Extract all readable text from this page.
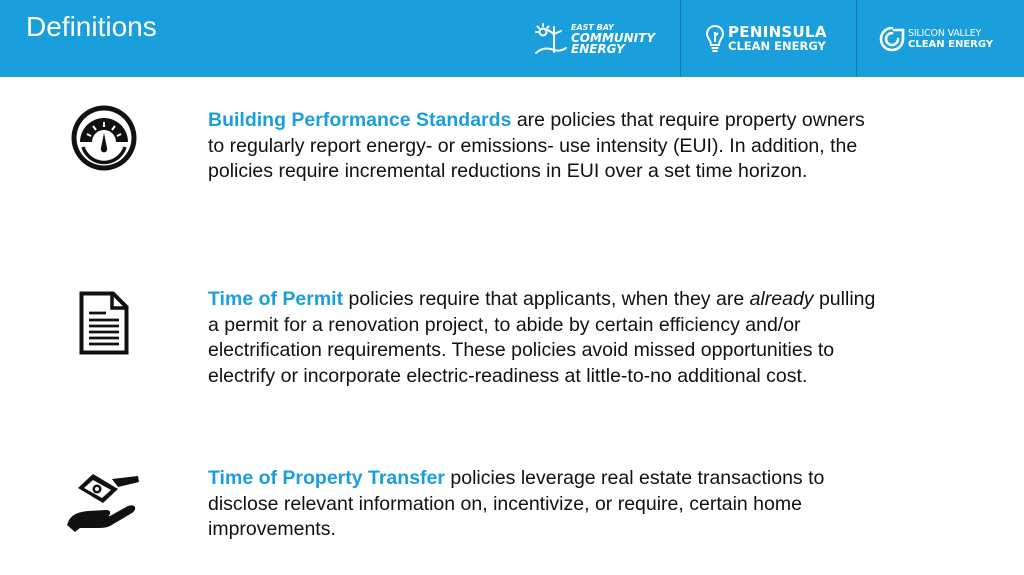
Definitions	EAST BAY
COMMUNITY
ENERGY
PENINSULA
CLEAN ENERGY
SILICON VALLEY
CLEAN ENERGY
Building Performance Standards are policies that require property owners to regularly report energy- or emissions- use intensity (EUI). In addition, the policies require incremental reductions in EUI over a set time horizon.
Time of Permit policies require that applicants, when they are already pulling a permit for a renovation project, to abide by certain efficiency and/or electrification requirements. These policies avoid missed opportunities to electrify or incorporate electric-readiness at little-to-no additional cost.
Time of Property Transfer policies leverage real estate transactions to disclose relevant information on, incentivize, or require, certain home improvements.
